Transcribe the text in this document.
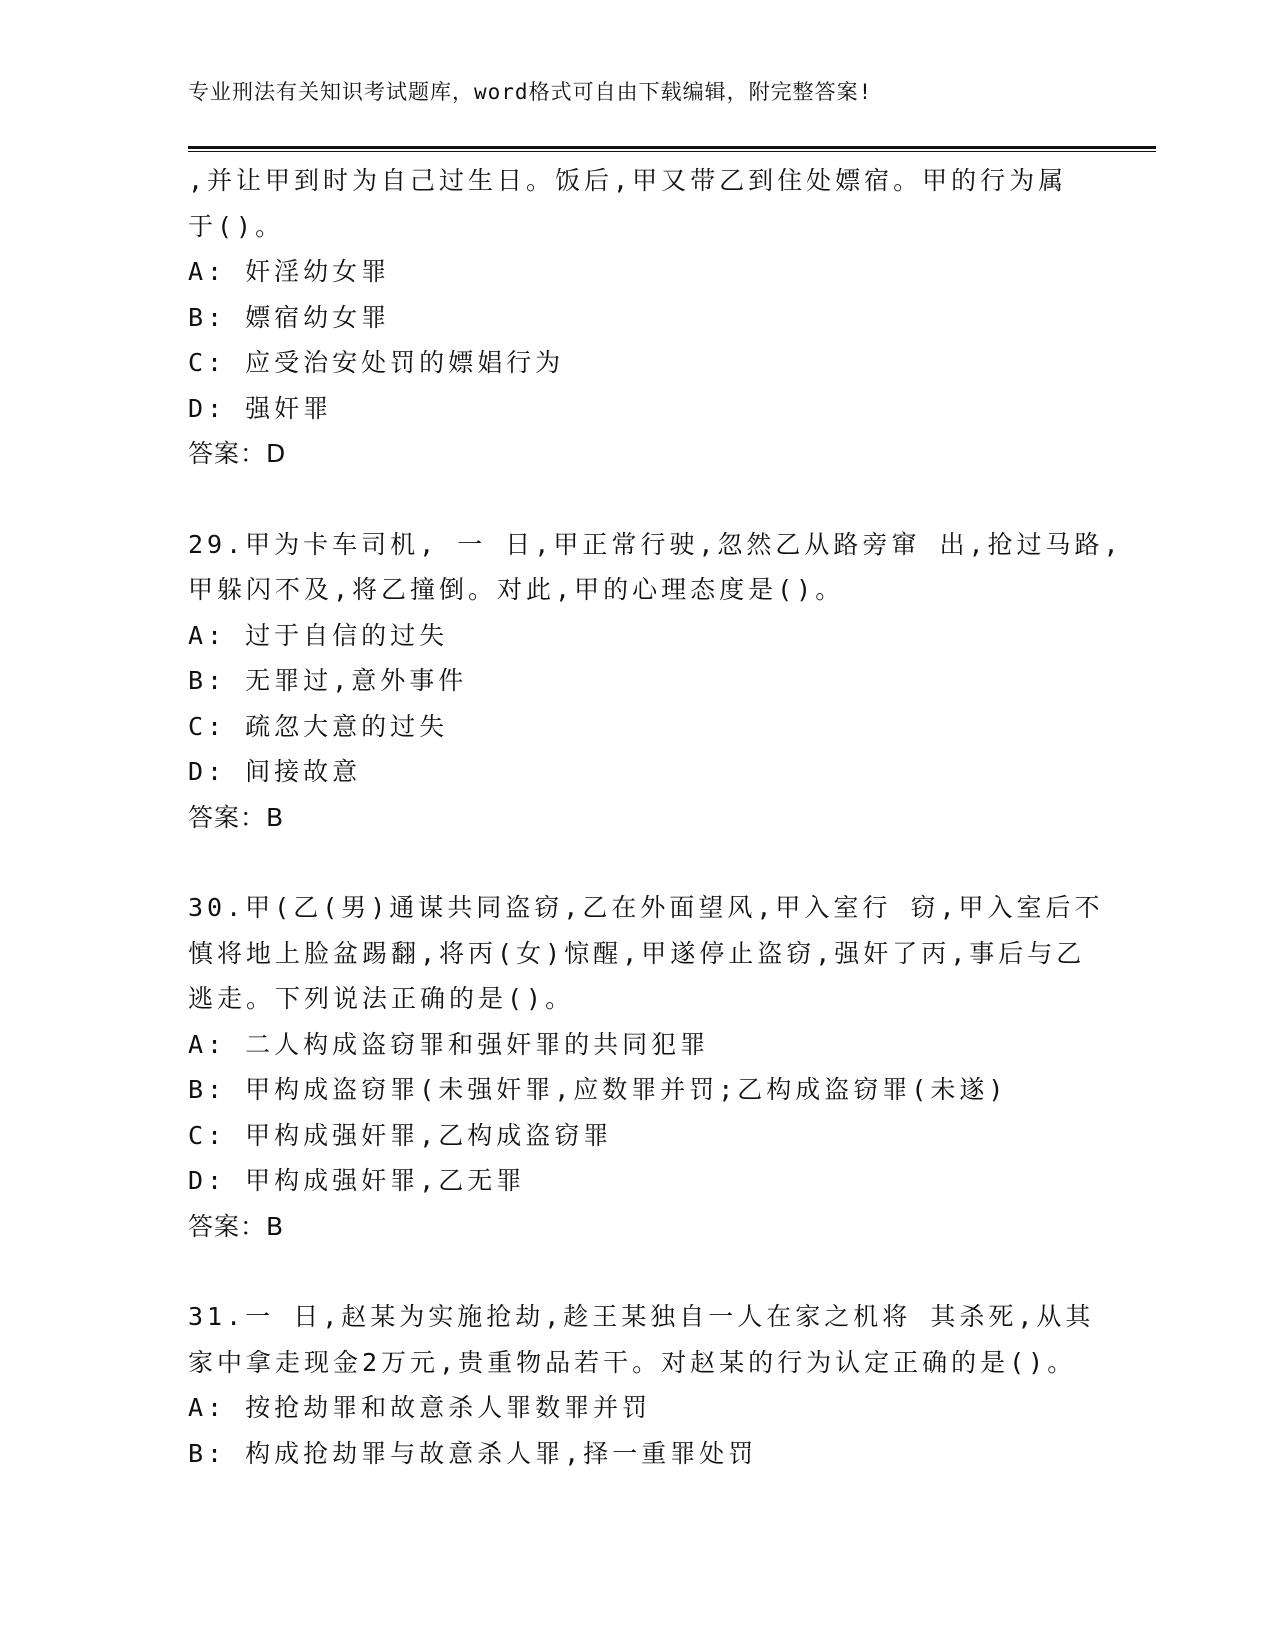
专业刑法有关知识考试题库，word格式可自由下载编辑，附完整答案!
,并让甲到时为自己过生日。饭后,甲又带乙到住处嫖宿。甲的行为属
于()。
A: 奸淫幼女罪
B: 嫖宿幼女罪
C: 应受治安处罚的嫖娼行为
D: 强奸罪
答案：D
29.甲为卡车司机, 一 日,甲正常行驶,忽然乙从路旁窜 出,抢过马路,
甲躲闪不及,将乙撞倒。对此,甲的心理态度是()。
A: 过于自信的过失
B: 无罪过,意外事件
C: 疏忽大意的过失
D: 间接故意
答案：B
30.甲(乙(男)通谋共同盗窃,乙在外面望风,甲入室行 窃,甲入室后不
慎将地上脸盆踢翻,将丙(女)惊醒,甲遂停止盗窃,强奸了丙,事后与乙
逃走。下列说法正确的是()。
A: 二人构成盗窃罪和强奸罪的共同犯罪
B: 甲构成盗窃罪(未强奸罪,应数罪并罚;乙构成盗窃罪(未遂)
C: 甲构成强奸罪,乙构成盗窃罪
D: 甲构成强奸罪,乙无罪
答案：B
31.一 日,赵某为实施抢劫,趁王某独自一人在家之机将 其杀死,从其
家中拿走现金2万元,贵重物品若干。对赵某的行为认定正确的是()。
A: 按抢劫罪和故意杀人罪数罪并罚
B: 构成抢劫罪与故意杀人罪,择一重罪处罚
